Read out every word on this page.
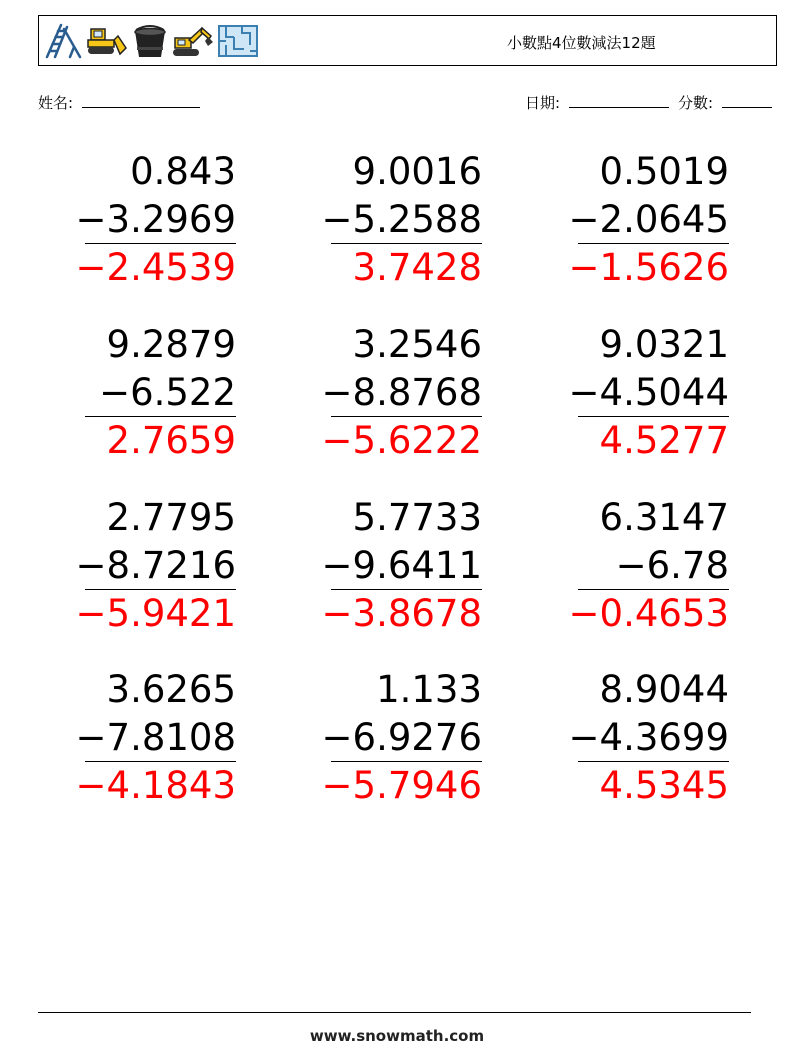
小數點4位數減法12題
姓名:	日期:	分數:
0.843
−3.2969
−2.4539
9.0016
−5.2588
3.7428
0.5019
−2.0645
−1.5626
9.2879
−6.522
2.7659
3.2546
−8.8768
−5.6222
9.0321
−4.5044
4.5277
2.7795
−8.7216
−5.9421
5.7733
−9.6411
−3.8678
6.3147
−6.78
−0.4653
3.6265
−7.8108
−4.1843
1.133
−6.9276
−5.7946
8.9044
−4.3699
4.5345
www.snowmath.com
